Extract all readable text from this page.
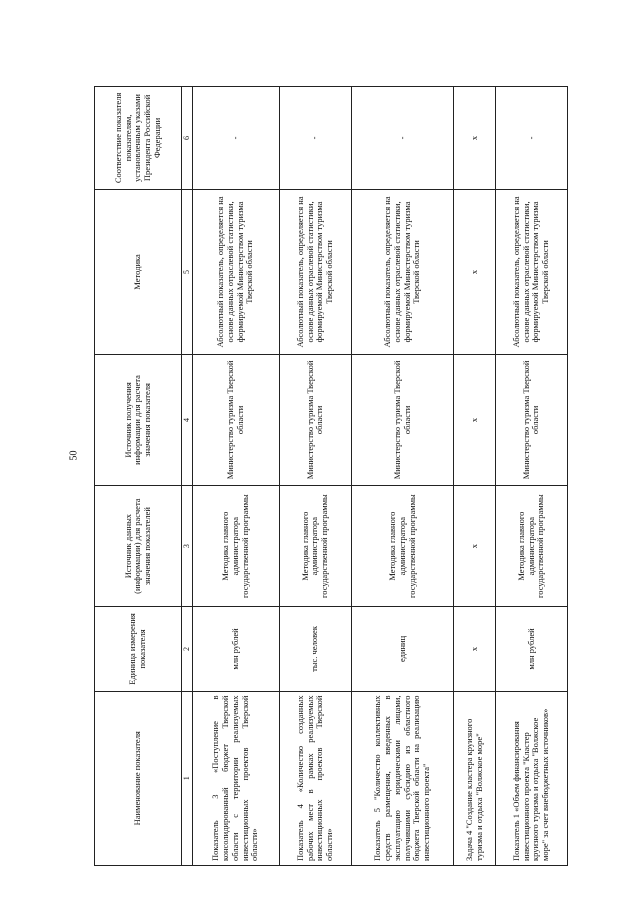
50
Наименование показателя	Единица измерения показателя	Источник данных (информации) для расчета значения показателей	Источник получения информации для расчета значения показателя	Методика	Соответствие показателя показателям, установленным указами Президента Российской Федерации
1	2	3	4	5	6
Показатель 3 «Поступление в консолидированный бюджет Тверской области с территории реализуемых инвестиционных проектов Тверской области»	млн рублей	Методика главного администратора государственной программы	Министерство туризма Тверской области	Абсолютный показатель, определяется на основе данных отраслевой статистики, формируемой Министерством туризма Тверской области	-
Показатель 4 «Количество созданных рабочих мест в рамках реализуемых инвестиционных проектов Тверской области»	тыс. человек	Методика главного администратора государственной программы	Министерство туризма Тверской области	Абсолютный показатель, определяется на основе данных отраслевой статистики, формируемой Министерством туризма Тверской области	-
Показатель 5 "Количество коллективных средств размещения, введенных в эксплуатацию юридическими лицами, получившими субсидию из областного бюджета Тверской области на реализацию инвестиционного проекта"	единиц	Методика главного администратора государственной программы	Министерство туризма Тверской области	Абсолютный показатель, определяется на основе данных отраслевой статистики, формируемой Министерством туризма Тверской области	-
Задача 4 "Создание кластера круизного туризма и отдыха "Волжское море"	х	х	х	х	х
Показатель 1 «Объем финансирования инвестиционного проекта "Кластер круизного туризма и отдыха "Волжское море" за счет внебюджетных источников»	млн рублей	Методика главного администратора государственной программы	Министерство туризма Тверской области	Абсолютный показатель, определяется на основе данных отраслевой статистики, формируемой Министерством туризма Тверской области	-
